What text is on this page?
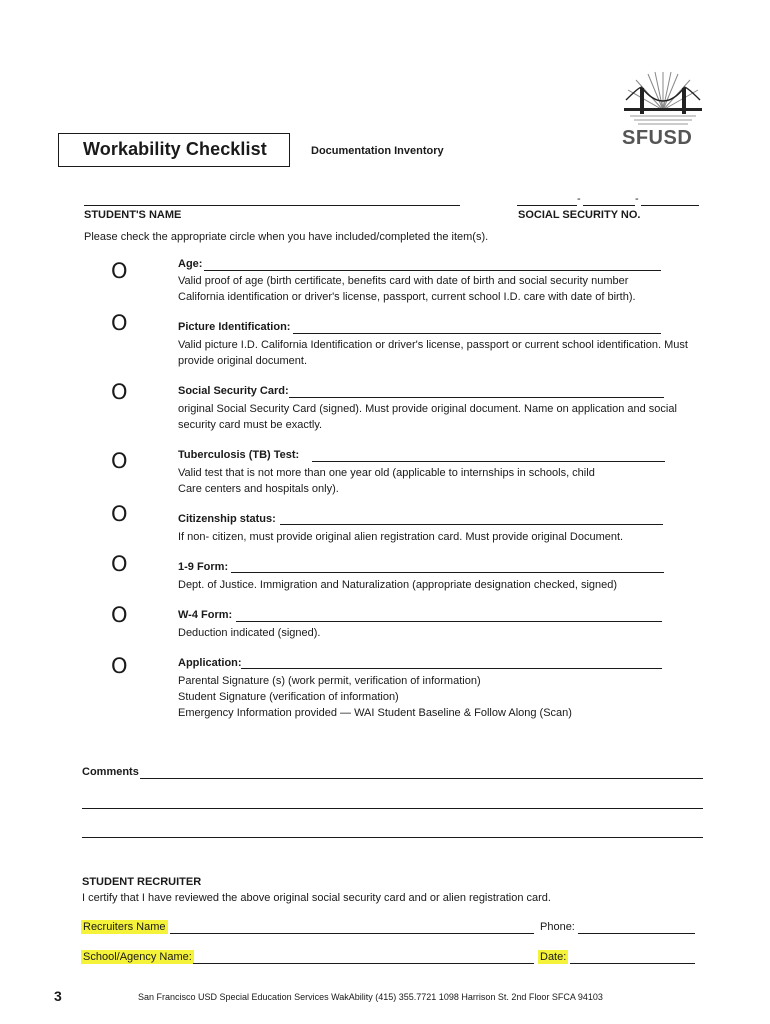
Workability Checklist	Documentation Inventory
SFUSD
STUDENT'S NAME
-	-
SOCIAL SECURITY NO.
Please check the appropriate circle when you have included/completed the item(s).
O	Age:
Valid proof of age (birth certificate, benefits card with date of birth and social security number
California identification or driver's license, passport, current school I.D. care with date of birth).
O	Picture Identification:
Valid picture I.D. California Identification or driver's license, passport or current school identification. Must
provide original document.
O	Social Security Card:
original Social Security Card (signed). Must provide original document. Name on application and social
security card must be exactly.
O	Tuberculosis (TB) Test:
Valid test that is not more than one year old (applicable to internships in schools, child
Care centers and hospitals only).
O	Citizenship status:
If non- citizen, must provide original alien registration card. Must provide original Document.
O	1-9 Form:
Dept. of Justice. Immigration and Naturalization (appropriate designation checked, signed)
O	W-4 Form:
Deduction indicated (signed).
O	Application:
Parental Signature (s) (work permit, verification of information)
Student Signature (verification of information)
Emergency Information provided — WAI Student Baseline & Follow Along (Scan)
Comments
STUDENT RECRUITER
I certify that I have reviewed the above original social security card and or alien registration card.
Recruiters Name	Phone:
School/Agency Name:	Date:
3	San Francisco USD Special Education Services WakAbility (415) 355.7721 1098 Harrison St. 2nd Floor SFCA 94103
